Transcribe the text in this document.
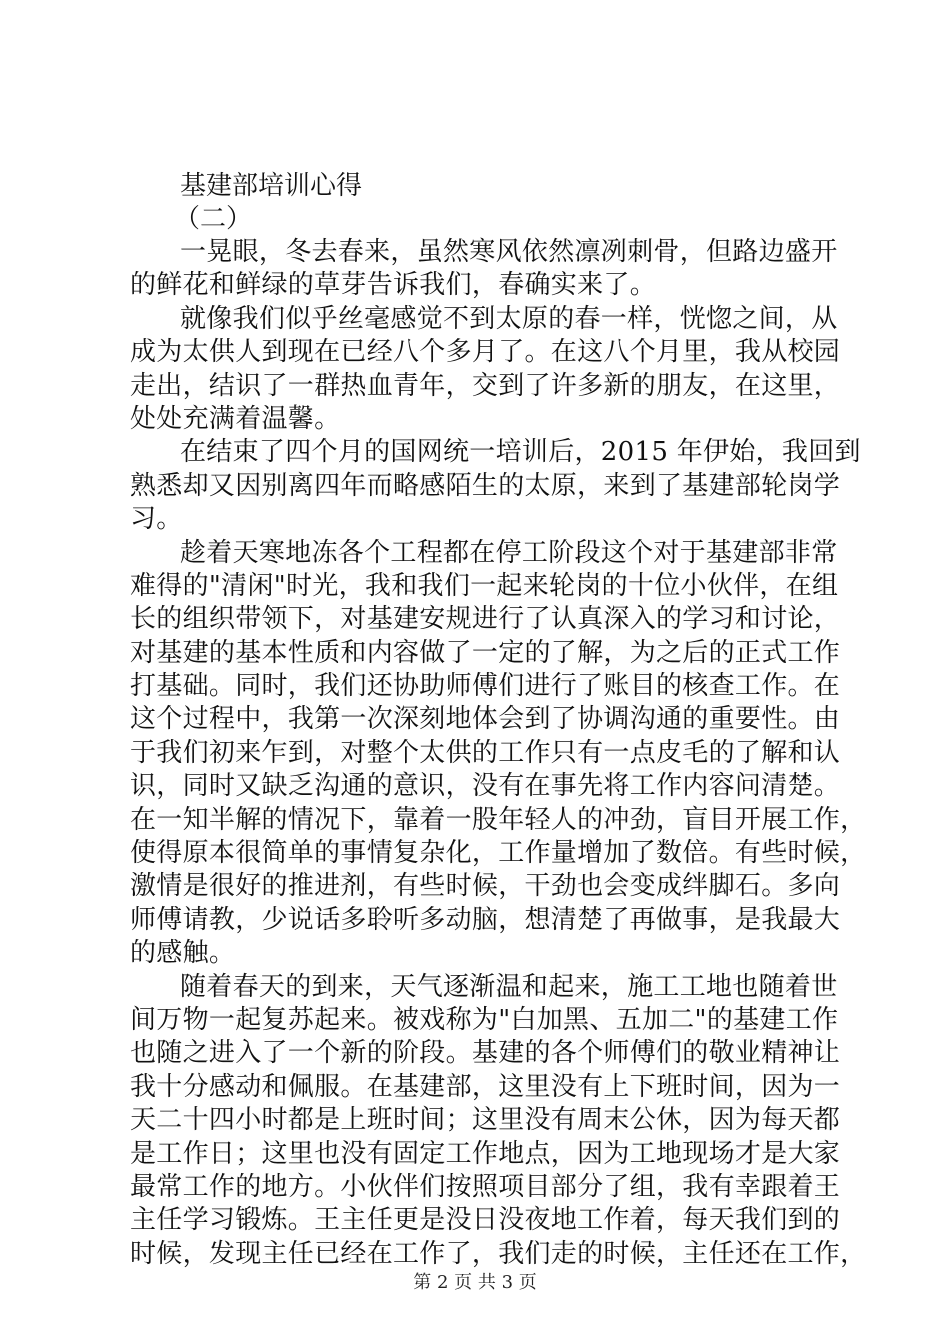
基建部培训心得
（二）
一晃眼，冬去春来，虽然寒风依然凛冽刺骨，但路边盛开
的鲜花和鲜绿的草芽告诉我们，春确实来了。
就像我们似乎丝毫感觉不到太原的春一样，恍惚之间，从
成为太供人到现在已经八个多月了。在这八个月里，我从校园
走出，结识了一群热血青年，交到了许多新的朋友，在这里，
处处充满着温馨。
在结束了四个月的国网统一培训后，2015 年伊始，我回到
熟悉却又因别离四年而略感陌生的太原，来到了基建部轮岗学
习。
趁着天寒地冻各个工程都在停工阶段这个对于基建部非常
难得的"清闲"时光，我和我们一起来轮岗的十位小伙伴，在组
长的组织带领下，对基建安规进行了认真深入的学习和讨论，
对基建的基本性质和内容做了一定的了解，为之后的正式工作
打基础。同时，我们还协助师傅们进行了账目的核查工作。在
这个过程中，我第一次深刻地体会到了协调沟通的重要性。由
于我们初来乍到，对整个太供的工作只有一点皮毛的了解和认
识，同时又缺乏沟通的意识，没有在事先将工作内容问清楚。
在一知半解的情况下，靠着一股年轻人的冲劲，盲目开展工作，
使得原本很简单的事情复杂化，工作量增加了数倍。有些时候，
激情是很好的推进剂，有些时候，干劲也会变成绊脚石。多向
师傅请教，少说话多聆听多动脑，想清楚了再做事，是我最大
的感触。
随着春天的到来，天气逐渐温和起来，施工工地也随着世
间万物一起复苏起来。被戏称为"白加黑、五加二"的基建工作
也随之进入了一个新的阶段。基建的各个师傅们的敬业精神让
我十分感动和佩服。在基建部，这里没有上下班时间，因为一
天二十四小时都是上班时间；这里没有周末公休，因为每天都
是工作日；这里也没有固定工作地点，因为工地现场才是大家
最常工作的地方。小伙伴们按照项目部分了组，我有幸跟着王
主任学习锻炼。王主任更是没日没夜地工作着，每天我们到的
时候，发现主任已经在工作了，我们走的时候，主任还在工作，
第 2 页 共 3 页
